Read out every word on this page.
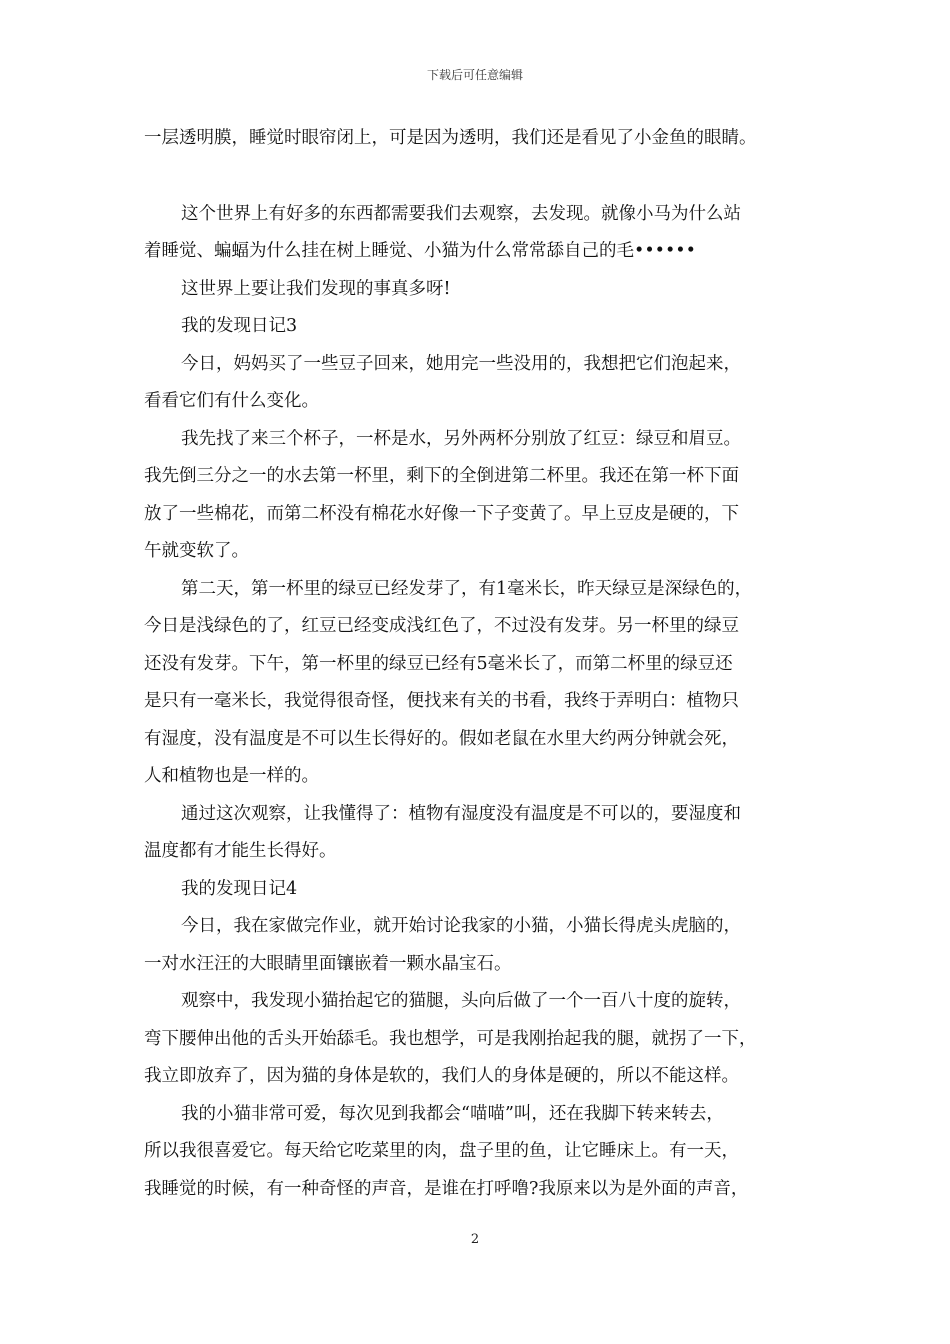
下载后可任意编辑
一层透明膜，睡觉时眼帘闭上，可是因为透明，我们还是看见了小金鱼的眼睛。
这个世界上有好多的东西都需要我们去观察，去发现。就像小马为什么站
着睡觉、蝙蝠为什么挂在树上睡觉、小猫为什么常常舔自己的毛••••••
这世界上要让我们发现的事真多呀!
我的发现日记3
今日，妈妈买了一些豆子回来，她用完一些没用的，我想把它们泡起来，
看看它们有什么变化。
我先找了来三个杯子，一杯是水，另外两杯分别放了红豆：绿豆和眉豆。
我先倒三分之一的水去第一杯里，剩下的全倒进第二杯里。我还在第一杯下面
放了一些棉花，而第二杯没有棉花水好像一下子变黄了。早上豆皮是硬的，下
午就变软了。
第二天，第一杯里的绿豆已经发芽了，有1毫米长，昨天绿豆是深绿色的，
今日是浅绿色的了，红豆已经变成浅红色了，不过没有发芽。另一杯里的绿豆
还没有发芽。下午，第一杯里的绿豆已经有5毫米长了，而第二杯里的绿豆还
是只有一毫米长，我觉得很奇怪，便找来有关的书看，我终于弄明白：植物只
有湿度，没有温度是不可以生长得好的。假如老鼠在水里大约两分钟就会死，
人和植物也是一样的。
通过这次观察，让我懂得了：植物有湿度没有温度是不可以的，要湿度和
温度都有才能生长得好。
我的发现日记4
今日，我在家做完作业，就开始讨论我家的小猫，小猫长得虎头虎脑的，
一对水汪汪的大眼睛里面镶嵌着一颗水晶宝石。
观察中，我发现小猫抬起它的猫腿，头向后做了一个一百八十度的旋转，
弯下腰伸出他的舌头开始舔毛。我也想学，可是我刚抬起我的腿，就拐了一下，
我立即放弃了，因为猫的身体是软的，我们人的身体是硬的，所以不能这样。
我的小猫非常可爱，每次见到我都会“喵喵”叫，还在我脚下转来转去，
所以我很喜爱它。每天给它吃菜里的肉，盘子里的鱼，让它睡床上。有一天，
我睡觉的时候，有一种奇怪的声音，是谁在打呼噜?我原来以为是外面的声音，
2
